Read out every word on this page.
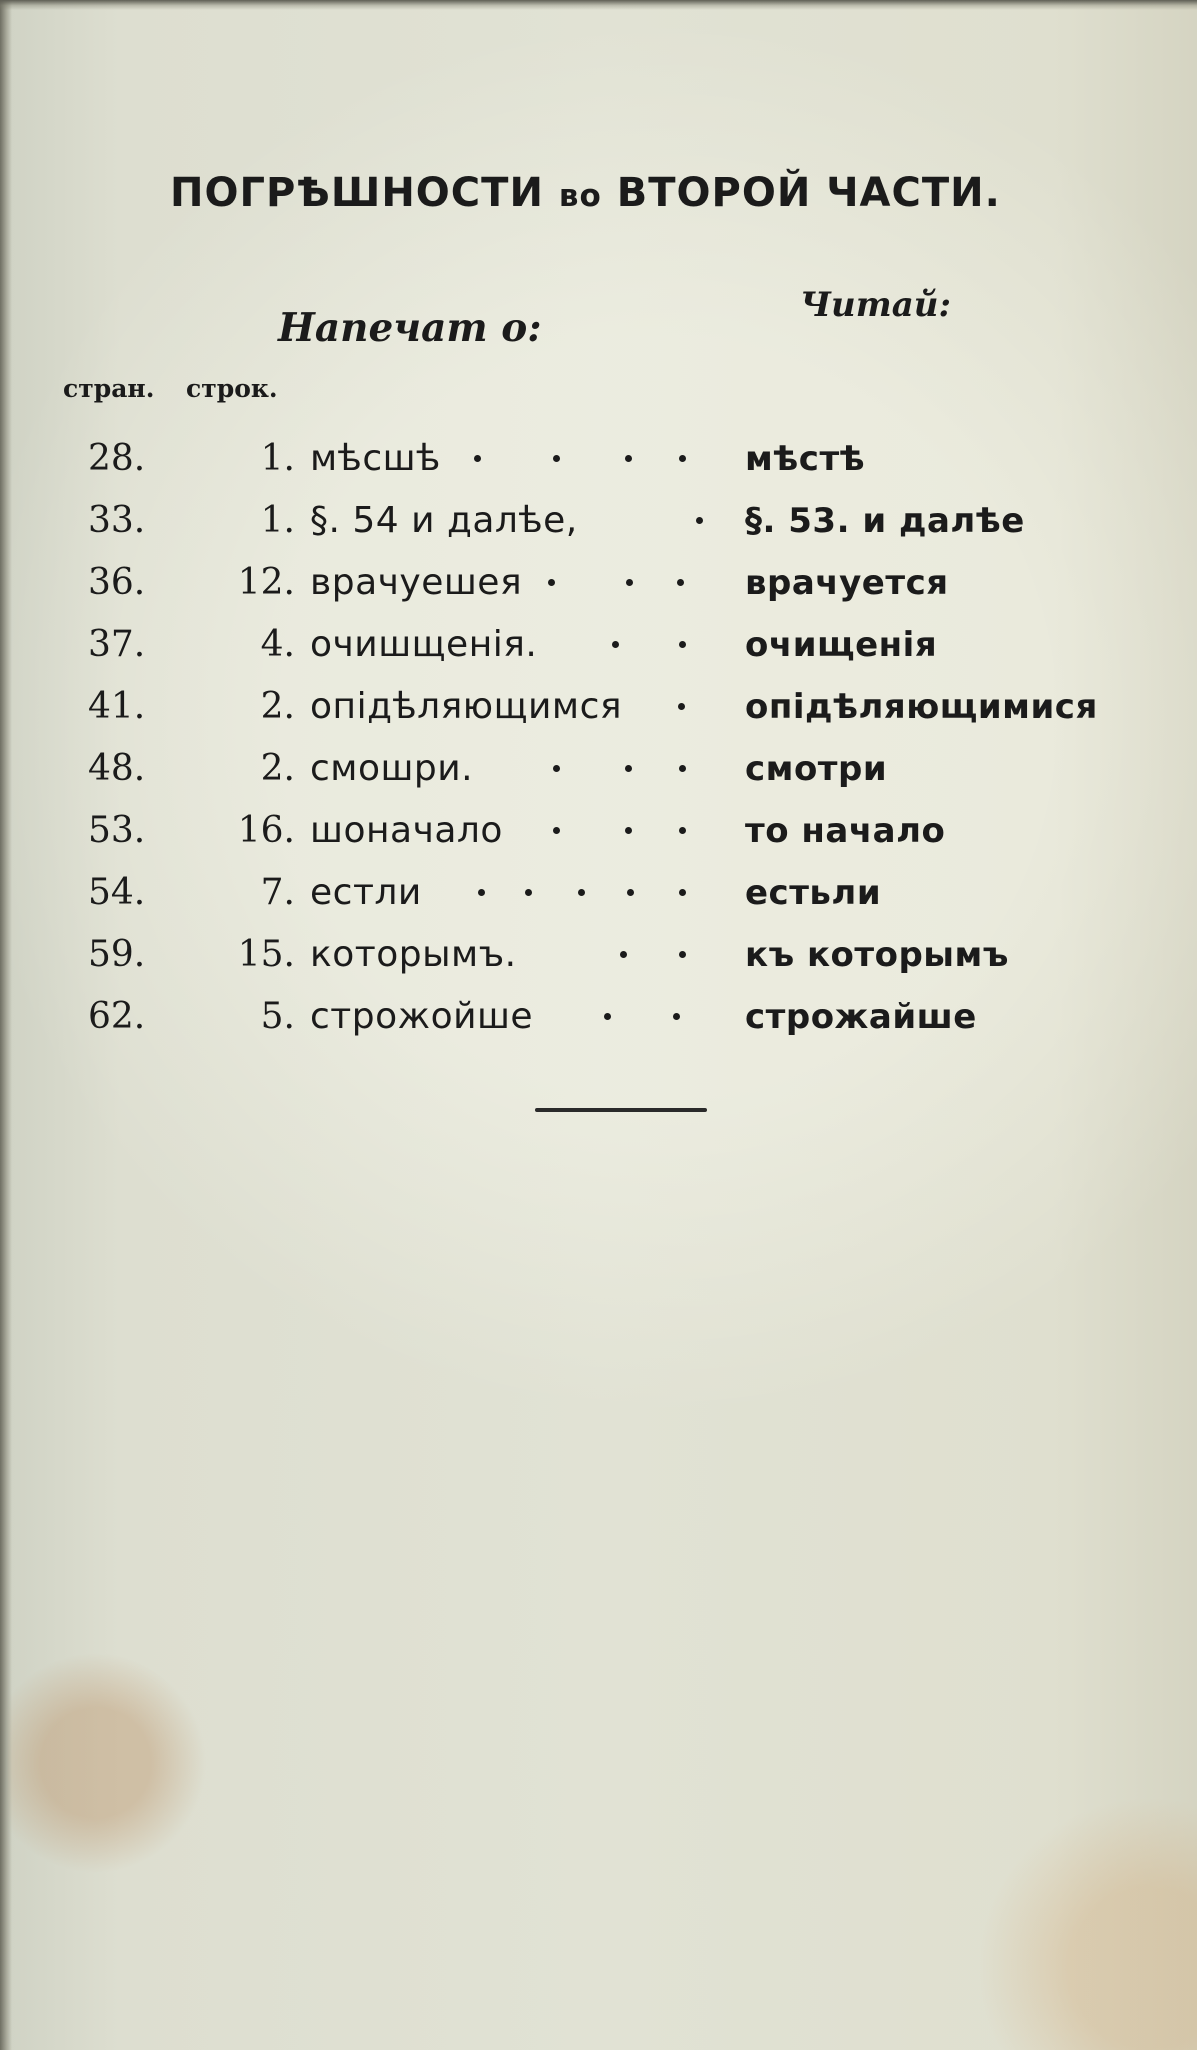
ПОГРѢШНОСТИ во ВТОРОЙ ЧАСТИ.
Напечат о:	Читай:
стран. строк.
28.	1. мѣсшѣ	мѣстѣ
33.	1. §. 54 и далѣе,	§. 53. и далѣе
36.	12. врачуешея	врачуется
37.	4. очишщенія.	очищенія
41.	2. опідѣляющимся	опідѣляющимися
48.	2. смошри.	смотри
53.	16. шоначало	то начало
54.	7. естли	естьли
59.	15. которымъ.	къ которымъ
62.	5. строжойше	строжайше
